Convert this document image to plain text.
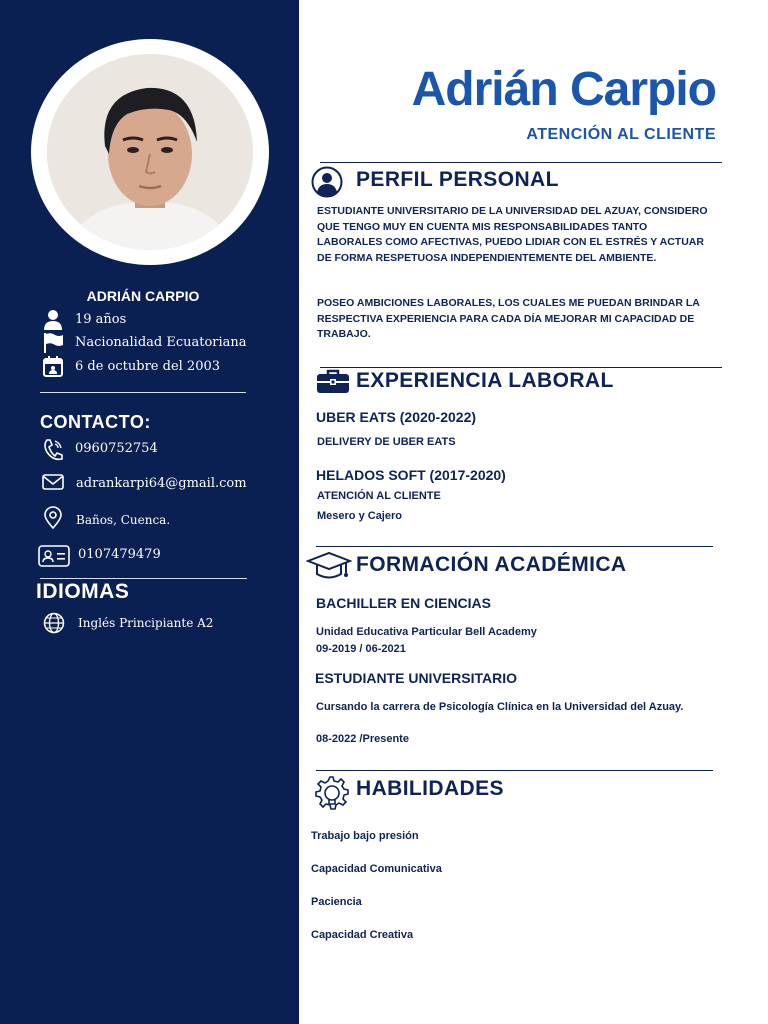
ADRIÁN CARPIO
19 años
Nacionalidad Ecuatoriana
6 de octubre del 2003
CONTACTO:
0960752754
adrankarpi64@gmail.com
Baños, Cuenca.
0107479479
IDIOMAS
Inglés Principiante A2
Adrián Carpio
ATENCIÓN AL CLIENTE
PERFIL PERSONAL
ESTUDIANTE UNIVERSITARIO DE LA UNIVERSIDAD DEL AZUAY, CONSIDERO QUE TENGO MUY EN CUENTA MIS RESPONSABILIDADES TANTO LABORALES COMO AFECTIVAS, PUEDO LIDIAR CON EL ESTRÉS Y ACTUAR DE FORMA RESPETUOSA INDEPENDIENTEMENTE DEL AMBIENTE.
POSEO AMBICIONES LABORALES, LOS CUALES ME PUEDAN BRINDAR LA RESPECTIVA EXPERIENCIA PARA CADA DÍA MEJORAR MI CAPACIDAD DE TRABAJO.
EXPERIENCIA LABORAL
UBER EATS (2020-2022)
DELIVERY DE UBER EATS
HELADOS SOFT (2017-2020)
ATENCIÓN AL CLIENTE
Mesero y Cajero
FORMACIÓN ACADÉMICA
BACHILLER EN CIENCIAS
Unidad Educativa Particular Bell Academy
09-2019 / 06-2021
ESTUDIANTE UNIVERSITARIO
Cursando la carrera de Psicología Clínica en la Universidad del Azuay.
08-2022 /Presente
HABILIDADES
Trabajo bajo presión
Capacidad Comunicativa
Paciencia
Capacidad Creativa
